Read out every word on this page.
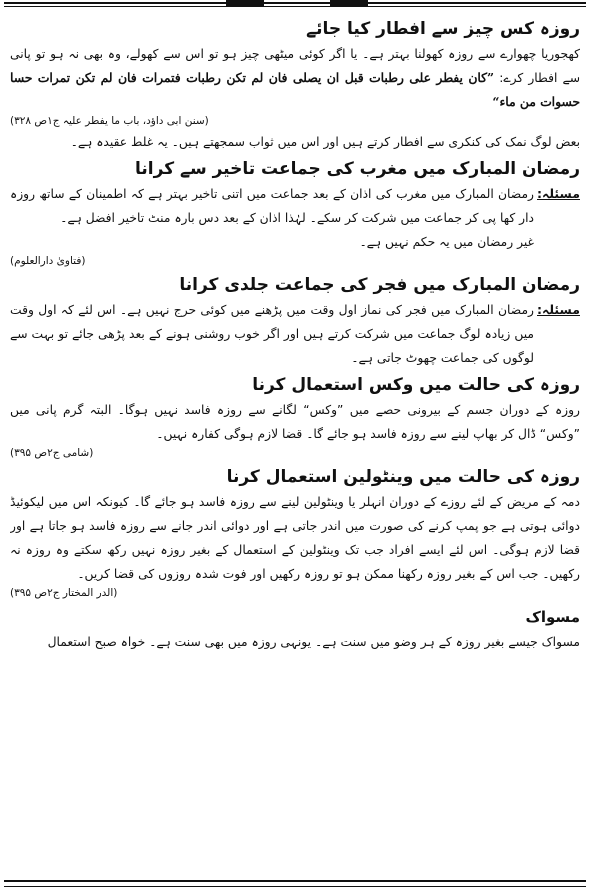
روزہ کس چیز سے افطار کیا جائے

کھجوریا چھوارے سے روزہ کھولنا بہتر ہے۔ یا اگر کوئی میٹھی چیز ہو تو اس سے کھولے، وہ بھی نہ ہو تو پانی سے افطار کرے: ”کان یفطر علی رطبات قبل ان یصلی فان لم تکن رطبات فتمرات فان لم تکن تمرات حسا حسوات من ماء“

(سنن ابی داؤد، باب ما یفطر علیہ ج۱ص ۳۲۸)

بعض لوگ نمک کی کنکری سے افطار کرتے ہیں اور اس میں ثواب سمجھتے ہیں۔ یہ غلط عقیدہ ہے۔

رمضان المبارک میں مغرب کی جماعت تاخیر سے کرانا
مسئلہ:

رمضان المبارک میں مغرب کی اذان کے بعد جماعت میں اتنی تاخیر بہتر ہے کہ اطمینان کے ساتھ روزہ دار کھا پی کر جماعت میں شرکت کر سکے۔ لہٰذا اذان کے بعد دس بارہ منٹ تاخیر افضل ہے۔

غیر رمضان میں یہ حکم نہیں ہے۔

(فتاویٰ دارالعلوم)
رمضان المبارک میں فجر کی جماعت جلدی کرانا
مسئلہ:

رمضان المبارک میں فجر کی نماز اول وقت میں پڑھنے میں کوئی حرج نہیں ہے۔ اس لئے کہ اول وقت میں زیادہ لوگ جماعت میں شرکت کرتے ہیں اور اگر خوب روشنی ہونے کے بعد پڑھی جائے تو بہت سے لوگوں کی جماعت چھوٹ جاتی ہے۔

روزہ کی حالت میں وکس استعمال کرنا

روزہ کے دوران جسم کے بیرونی حصے میں ”وکس“ لگانے سے روزہ فاسد نہیں ہوگا۔ البتہ گرم پانی میں ”وکس“ ڈال کر بھاپ لینے سے روزہ فاسد ہو جائے گا۔ قضا لازم ہوگی کفارہ نہیں۔

(شامی ج۲ص ۳۹۵)
روزہ کی حالت میں وینٹولین استعمال کرنا

دمہ کے مریض کے لئے روزے کے دوران انہلر یا وینٹولین لینے سے روزہ فاسد ہو جائے گا۔ کیونکہ اس میں لیکوئیڈ دوائی ہوتی ہے جو پمپ کرنے کی صورت میں اندر جاتی ہے اور دوائی اندر جانے سے روزہ فاسد ہو جاتا ہے اور قضا لازم ہوگی۔ اس لئے ایسے افراد جب تک وینٹولین کے استعمال کے بغیر روزہ نہیں رکھ سکتے وہ روزہ نہ رکھیں۔ جب اس کے بغیر روزہ رکھنا ممکن ہو تو روزہ رکھیں اور فوت شدہ روزوں کی قضا کریں۔

(الدر المختار ج۲ص ۳۹۵)
مسواک

مسواک جیسے بغیر روزہ کے ہر وضو میں سنت ہے۔ یونہی روزہ میں بھی سنت ہے۔ خواہ صبح استعمال
